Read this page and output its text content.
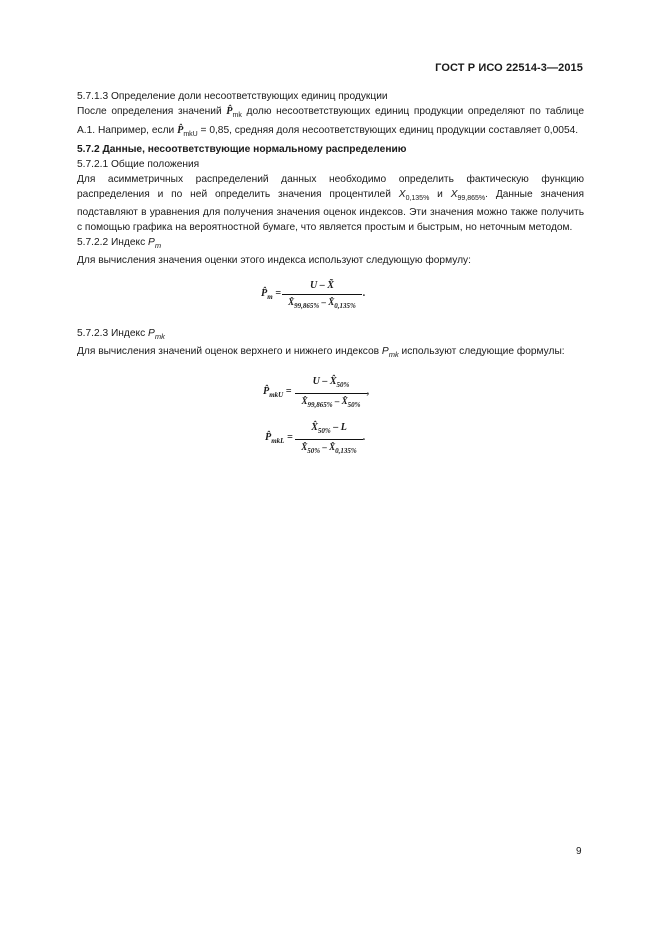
ГОСТ Р ИСО 22514-3—2015

5.7.1.3 Определение доли несоответствующих единиц продукции

После определения значений $P̂_{mk}$ долю несоответствующих единиц продукции определяют по таблице А.1. Например, если $P̂_{mkU} = 0,85$, средняя доля несоответствующих единиц продукции составляет 0,0054.

5.7.2 Данные, несоответствующие нормальному распределению

5.7.2.1 Общие положения

Для асимметричных распределений данных необходимо определить фактическую функцию распределения и по ней определить значения процентилей $X_{0,135\%}$ и $X_{99,865\%}$. Данные значения подставляют в уравнения для получения значения оценок индексов. Эти значения можно также получить с помощью графика на вероятностной бумаге, что является простым и быстрым, но неточным методом.

5.7.2.2 Индекс $P_m$

Для вычисления значения оценки этого индекса используют следующую формулу:

$P̂_m$ =
U – X̃
$X̂_{99,865\%}$ – $X̂_{0,135\%}$
.

5.7.2.3 Индекс $P_{mk}$

Для вычисления значений оценок верхнего и нижнего индексов $P_{mk}$ используют следующие формулы:

$P̂_{mkU}$ =
U – $X̂_{50\%}$
$X̂_{99,865\%}$ – $X̂_{50\%}$
,
$P̂_{mkL}$ =
$X̂_{50\%}$ – L
$X̂_{50\%}$ – $X̂_{0,135\%}$
.
9
